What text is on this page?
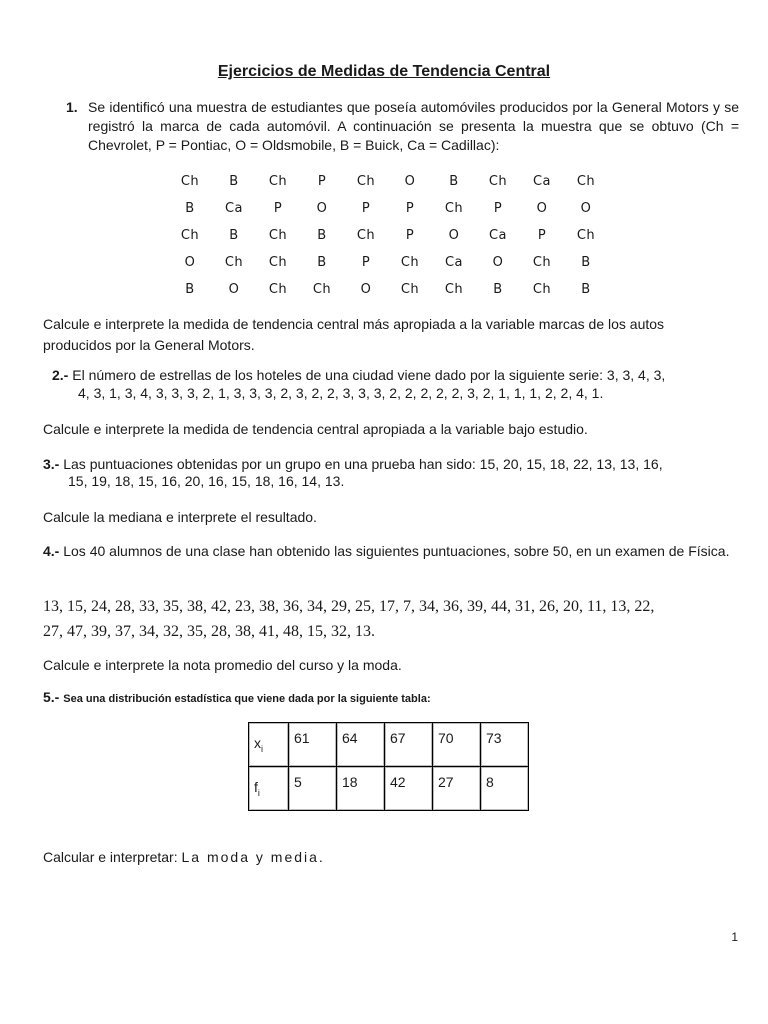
Ejercicios de Medidas de Tendencia Central
1. Se identificó una muestra de estudiantes que poseía automóviles producidos por la General Motors y se registró la marca de cada automóvil. A continuación se presenta la muestra que se obtuvo (Ch = Chevrolet, P = Pontiac, O = Oldsmobile, B = Buick, Ca = Cadillac):
Ch	B	Ch	P	Ch	O	B	Ch	Ca	Ch
B	Ca	P	O	P	P	Ch	P	O	O
Ch	B	Ch	B	Ch	P	O	Ca	P	Ch
O	Ch	Ch	B	P	Ch	Ca	O	Ch	B
B	O	Ch	Ch	O	Ch	Ch	B	Ch	B
Calcule e interprete la medida de tendencia central más apropiada a la variable marcas de los autos producidos por la General Motors.
2.- El número de estrellas de los hoteles de una ciudad viene dado por la siguiente serie: 3, 3, 4, 3,
4, 3, 1, 3, 4, 3, 3, 3, 2, 1, 3, 3, 3, 2, 3, 2, 2, 3, 3, 3, 2, 2, 2, 2, 2, 3, 2, 1, 1, 1, 2, 2, 4, 1.
Calcule e interprete la medida de tendencia central apropiada a la variable bajo estudio.
3.- Las puntuaciones obtenidas por un grupo en una prueba han sido: 15, 20, 15, 18, 22, 13, 13, 16,
15, 19, 18, 15, 16, 20, 16, 15, 18, 16, 14, 13.
Calcule la mediana e interprete el resultado.
4.- Los 40 alumnos de una clase han obtenido las siguientes puntuaciones, sobre 50, en un examen de Física.
13, 15, 24, 28, 33, 35, 38, 42, 23, 38, 36, 34, 29, 25, 17, 7, 34, 36, 39, 44, 31, 26, 20, 11, 13, 22,
27, 47, 39, 37, 34, 32, 35, 28, 38, 41, 48, 15, 32, 13.
Calcule e interprete la nota promedio del curso y la moda.
5.- Sea una distribución estadística que viene dada por la siguiente tabla:
$x_i$	61	64	67	70	73
$f_i$	5	18	42	27	8
Calcular e interpretar: La moda y media.
1
